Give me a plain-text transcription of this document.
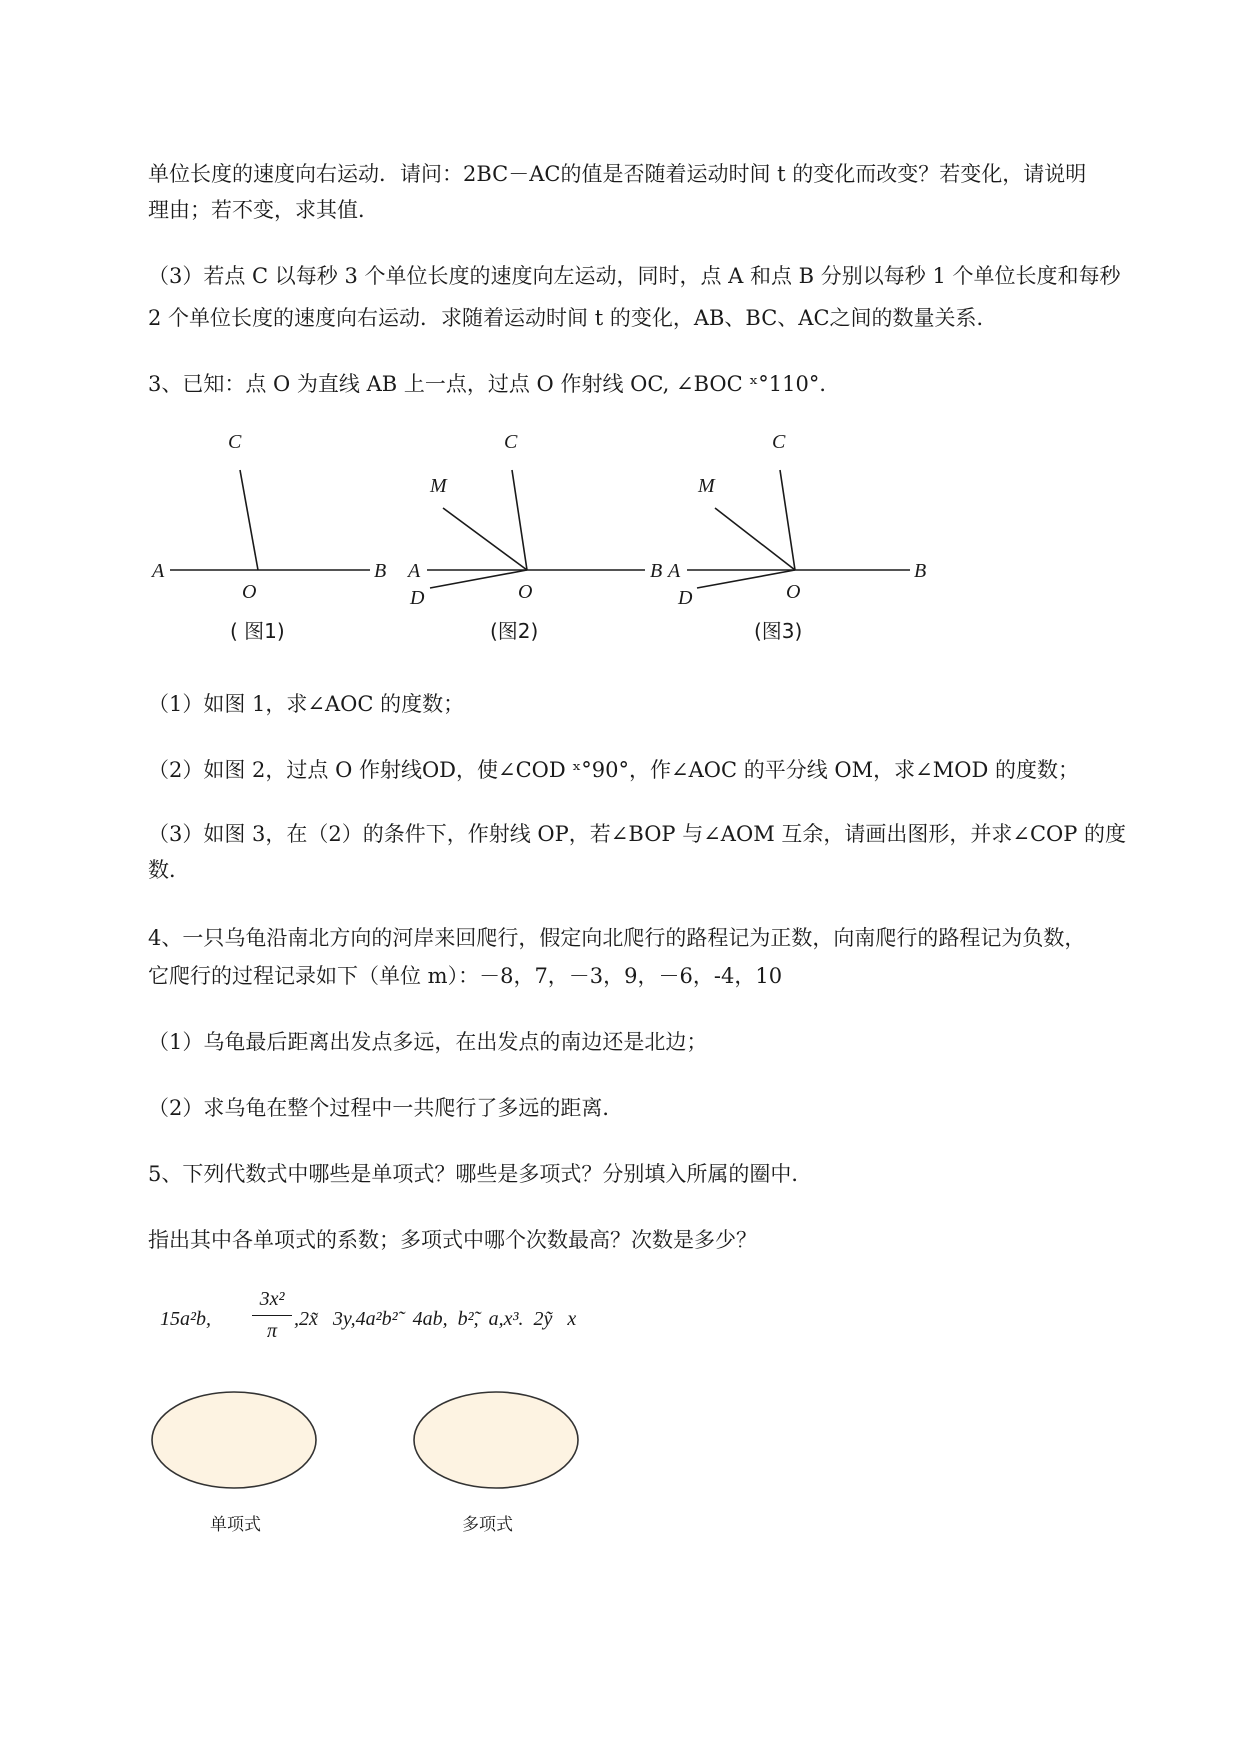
单位长度的速度向右运动．请问：2BC－AC的值是否随着运动时间 t 的变化而改变？若变化，请说明

理由；若不变，求其值．

（3）若点 C 以每秒 3 个单位长度的速度向左运动，同时，点 A 和点 B 分别以每秒 1 个单位长度和每秒

2 个单位长度的速度向右运动．求随着运动时间 t 的变化，AB、BC、AC之间的数量关系．

3、已知：点 O 为直线 AB 上一点，过点 O 作射线 OC, ∠BOC ˣ°110°．

A	B
C
O
( 图1)
A	B
C
M
D	O
(图2)
A	B
C
M
D	O
(图3)

（1）如图 1，求∠AOC 的度数；

（2）如图 2，过点 O 作射线OD，使∠COD ˣ°90°，作∠AOC 的平分线 OM，求∠MOD 的度数；

（3）如图 3，在（2）的条件下，作射线 OP，若∠BOP 与∠AOM 互余，请画出图形，并求∠COP 的度

数．

4、一只乌龟沿南北方向的河岸来回爬行，假定向北爬行的路程记为正数，向南爬行的路程记为负数，

它爬行的过程记录如下（单位 m）：－8，7，－3，9，－6，-4，10

（1）乌龟最后距离出发点多远，在出发点的南边还是北边；

（2）求乌龟在整个过程中一共爬行了多远的距离．

5、下列代数式中哪些是单项式？哪些是多项式？分别填入所属的圈中．

指出其中各单项式的系数；多项式中哪个次数最高？次数是多少？

15a²b,
3x²
π
,2x̃   3y,4a²b²̃   4ab,  b²̃,  a,x³.  2ỹ   x
单项式	多项式
